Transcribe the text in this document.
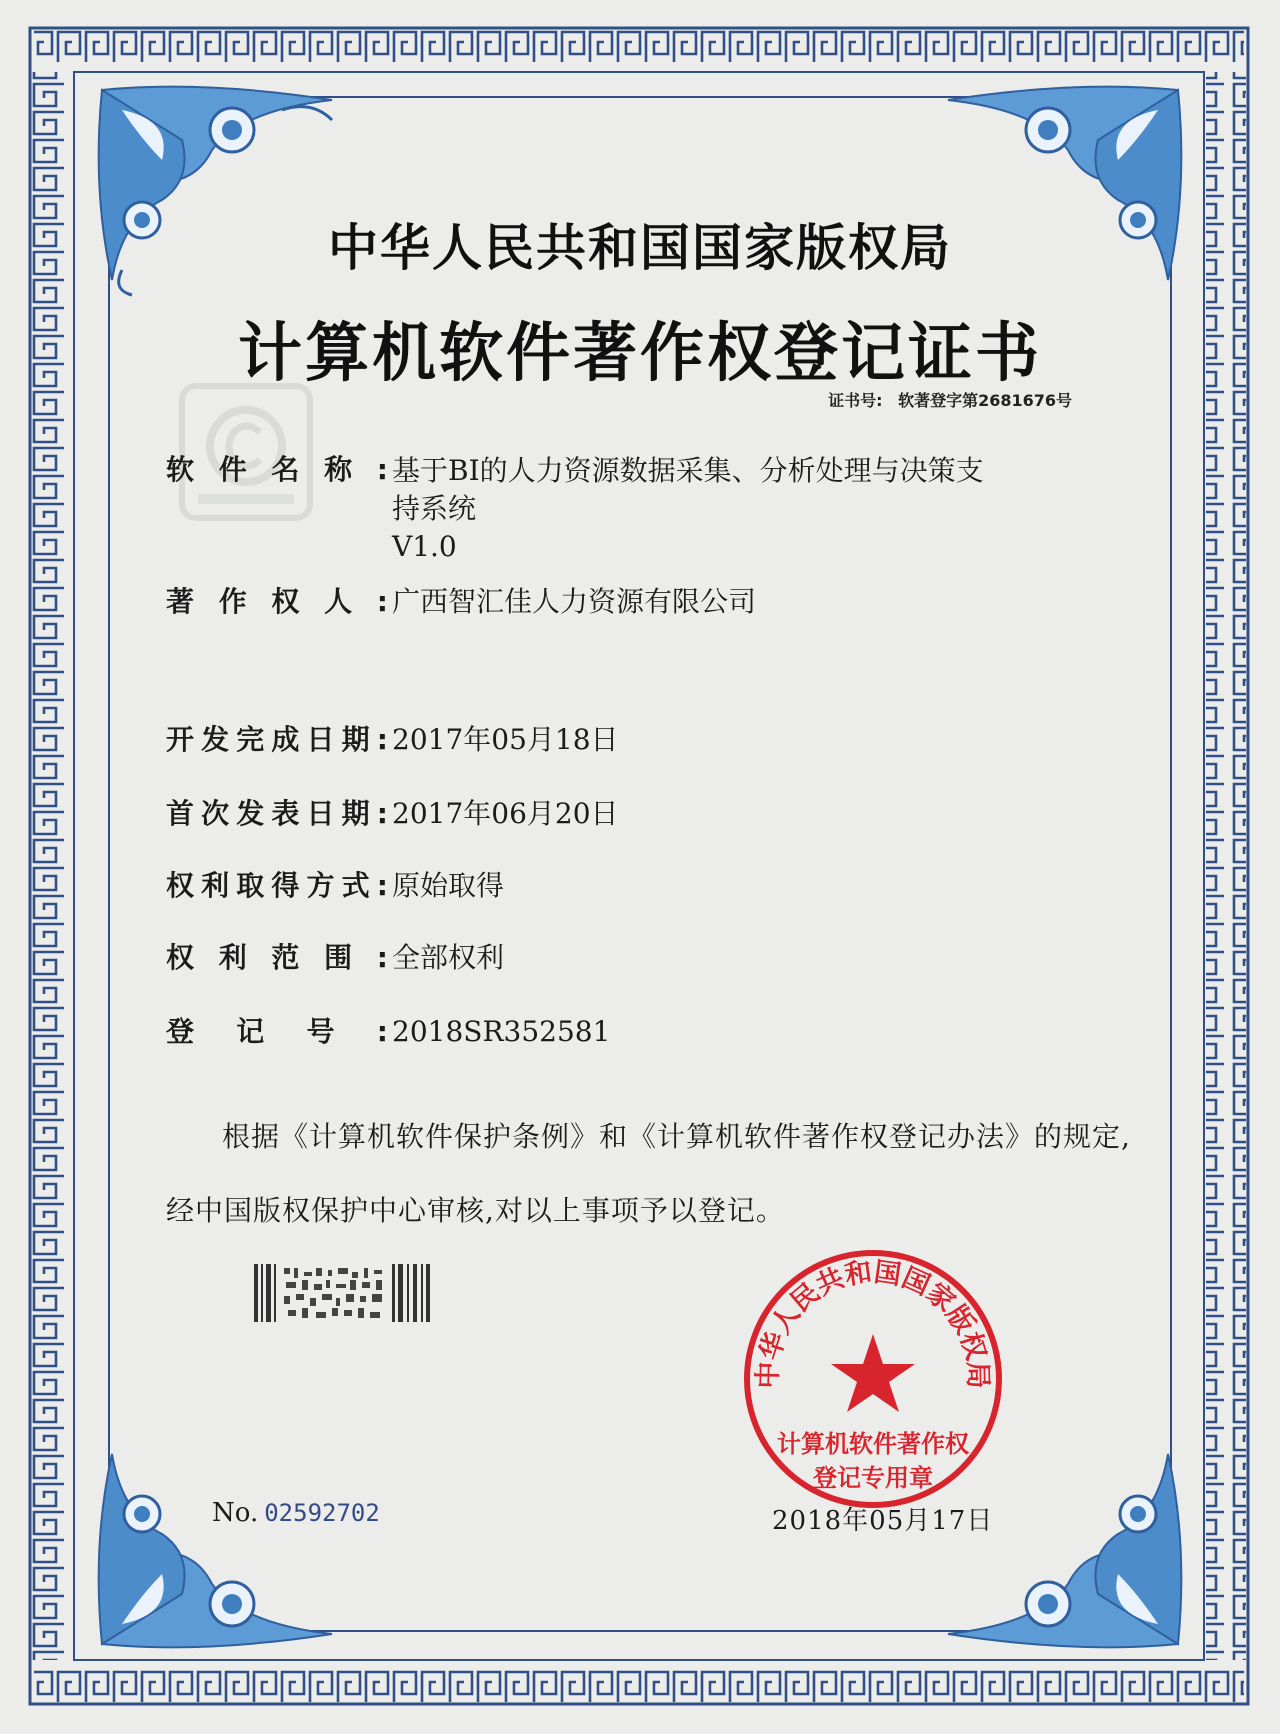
中华人民共和国国家版权局
计算机软件著作权登记证书
证书号: 软著登字第2681676号
软 件 名 称 : 基于BI的人力资源数据采集、分析处理与决策支
持系统
V1.0
著 作 权 人 : 广西智汇佳人力资源有限公司
开 发 完 成 日 期 : 2017年05月18日
首 次 发 表 日 期 : 2017年06月20日
权 利 取 得 方 式 : 原始取得
权 利 范 围 : 全部权利
登 记 号 : 2018SR352581
根据《计算机软件保护条例》和《计算机软件著作权登记办法》的规定,经中国版权保护中心审核,对以上事项予以登记。
No. 02592702
中华人民共和国国家版权局
计算机软件著作权
登记专用章
2018年05月17日
